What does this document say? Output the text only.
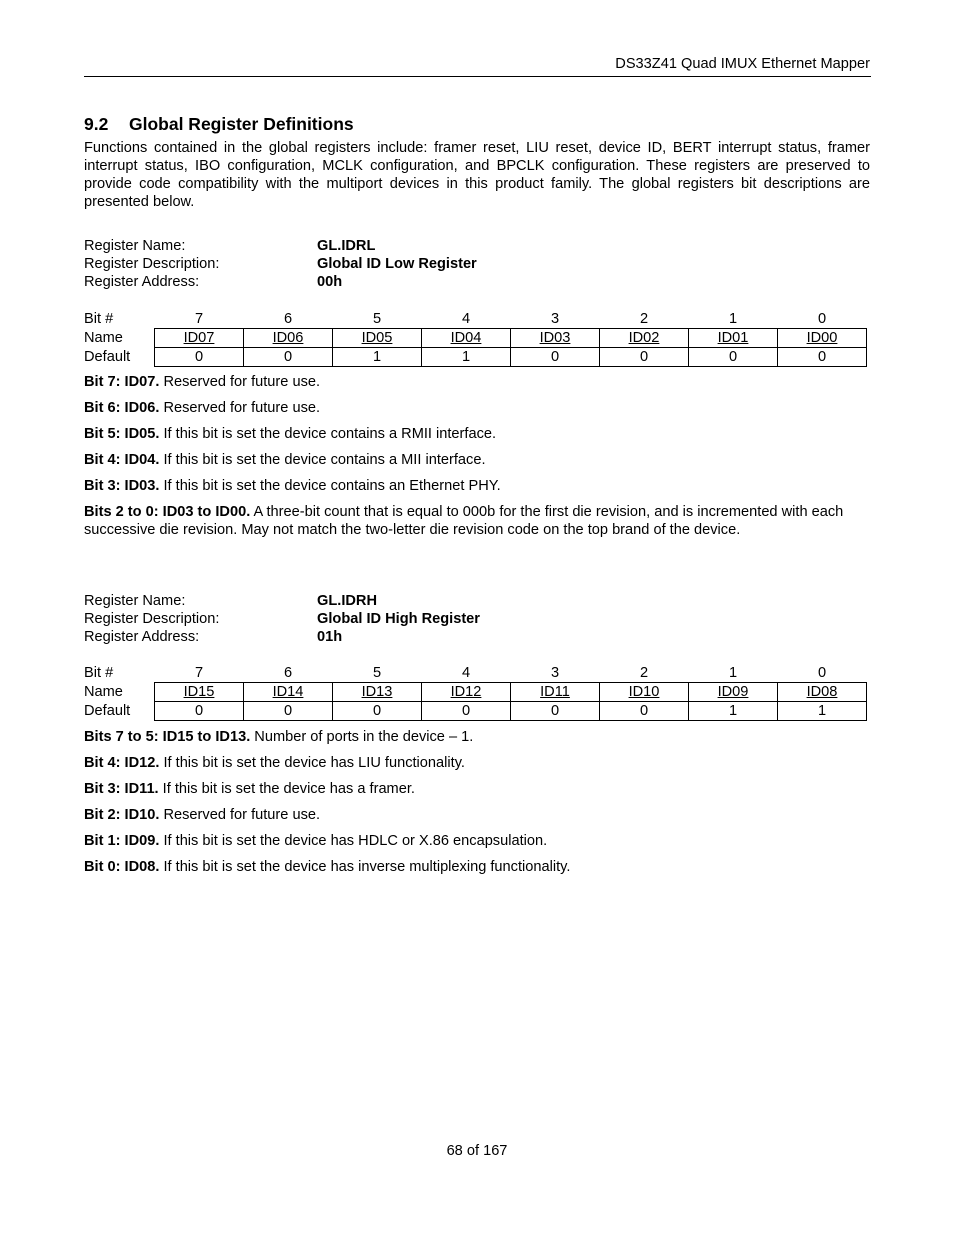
DS33Z41 Quad IMUX Ethernet Mapper
9.2 Global Register Definitions
Functions contained in the global registers include: framer reset, LIU reset, device ID, BERT interrupt status, framer interrupt status, IBO configuration, MCLK configuration, and BPCLK configuration. These registers are preserved to provide code compatibility with the multiport devices in this product family. The global registers bit descriptions are presented below.
Register Name:	GL.IDRL
Register Description:	Global ID Low Register
Register Address:	00h
Bit #	7	6	5	4	3	2	1	0
Name	ID07	ID06	ID05	ID04	ID03	ID02	ID01	ID00
Default	0	0	1	1	0	0	0	0
Bit 7: ID07. Reserved for future use.
Bit 6: ID06. Reserved for future use.
Bit 5: ID05. If this bit is set the device contains a RMII interface.
Bit 4: ID04. If this bit is set the device contains a MII interface.
Bit 3: ID03. If this bit is set the device contains an Ethernet PHY.
Bits 2 to 0: ID03 to ID00. A three-bit count that is equal to 000b for the first die revision, and is incremented with each successive die revision. May not match the two-letter die revision code on the top brand of the device.
Register Name:	GL.IDRH
Register Description:	Global ID High Register
Register Address:	01h
Bit #	7	6	5	4	3	2	1	0
Name	ID15	ID14	ID13	ID12	ID11	ID10	ID09	ID08
Default	0	0	0	0	0	0	1	1
Bits 7 to 5: ID15 to ID13. Number of ports in the device – 1.
Bit 4: ID12. If this bit is set the device has LIU functionality.
Bit 3: ID11. If this bit is set the device has a framer.
Bit 2: ID10. Reserved for future use.
Bit 1: ID09. If this bit is set the device has HDLC or X.86 encapsulation.
Bit 0: ID08. If this bit is set the device has inverse multiplexing functionality.
68 of 167
